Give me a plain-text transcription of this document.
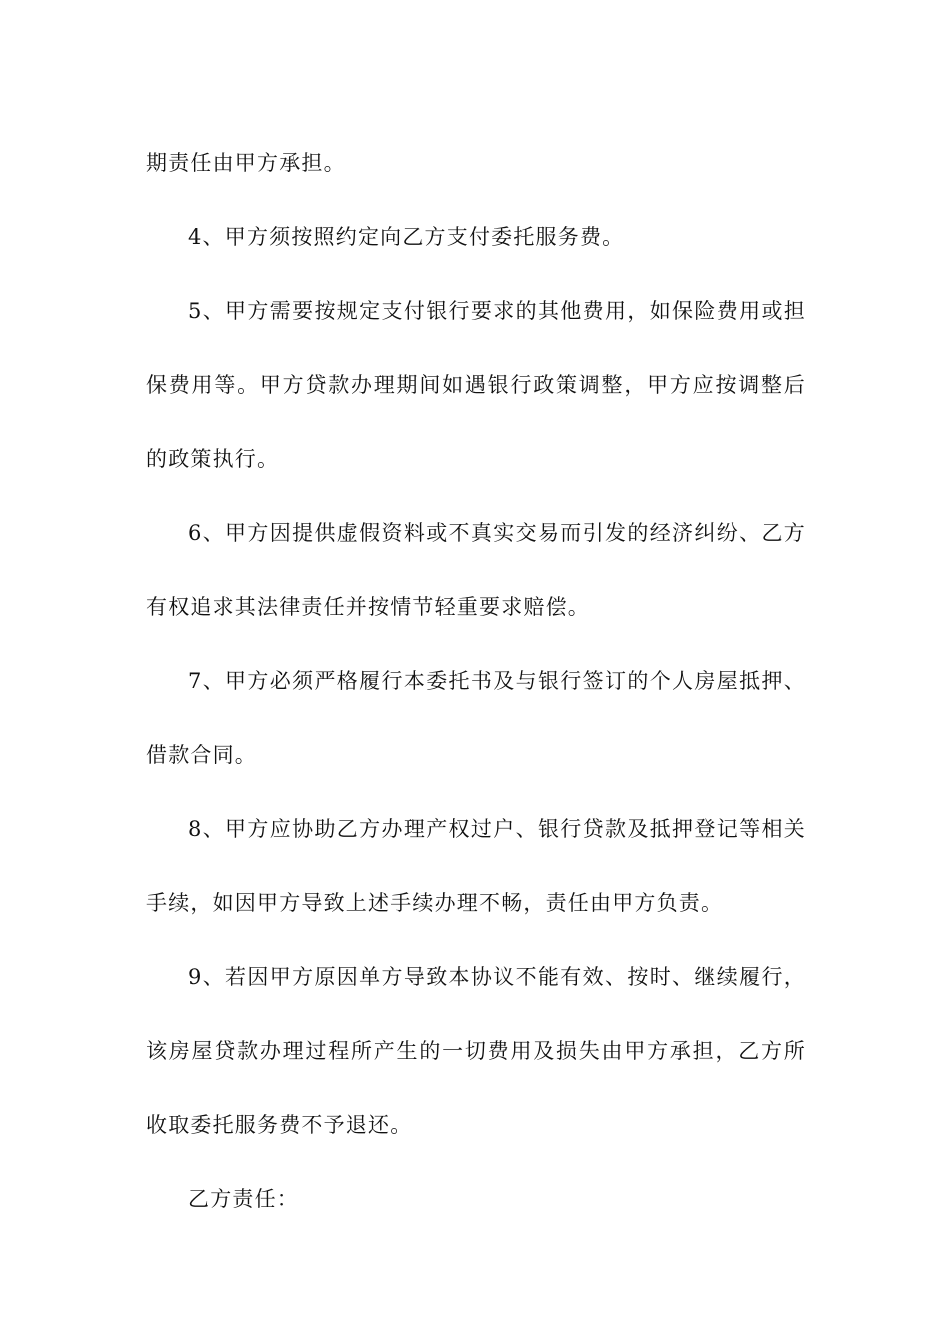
期责任由甲方承担。

4、甲方须按照约定向乙方支付委托服务费。

5、甲方需要按规定支付银行要求的其他费用，如保险费用或担保费用等。甲方贷款办理期间如遇银行政策调整，甲方应按调整后的政策执行。

6、甲方因提供虚假资料或不真实交易而引发的经济纠纷、乙方有权追求其法律责任并按情节轻重要求赔偿。

7、甲方必须严格履行本委托书及与银行签订的个人房屋抵押、借款合同。

8、甲方应协助乙方办理产权过户、银行贷款及抵押登记等相关手续，如因甲方导致上述手续办理不畅，责任由甲方负责。

9、若因甲方原因单方导致本协议不能有效、按时、继续履行，该房屋贷款办理过程所产生的一切费用及损失由甲方承担，乙方所收取委托服务费不予退还。

乙方责任：
